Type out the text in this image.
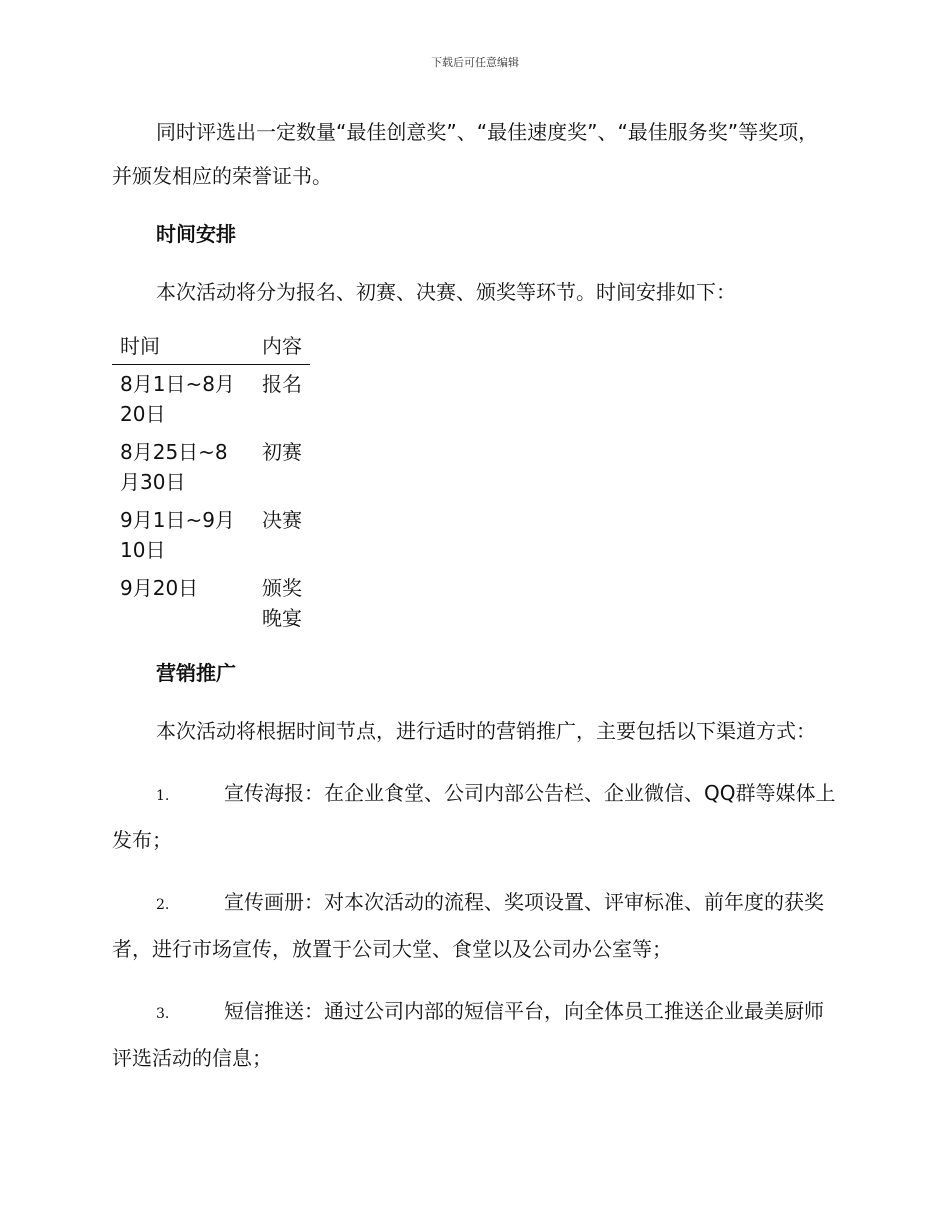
下载后可任意编辑

同时评选出一定数量“最佳创意奖”、“最佳速度奖”、“最佳服务奖”等奖项，并颁发相应的荣誉证书。

时间安排

本次活动将分为报名、初赛、决赛、颁奖等环节。时间安排如下：

时间	内容
8月1日~8月20日	报名
8月25日~8月30日	初赛
9月1日~9月10日	决赛
9月20日	颁奖晚宴

营销推广

本次活动将根据时间节点，进行适时的营销推广，主要包括以下渠道方式：

1.	宣传海报：在企业食堂、公司内部公告栏、企业微信、QQ群等媒体上发布；

2.	宣传画册：对本次活动的流程、奖项设置、评审标准、前年度的获奖者，进行市场宣传，放置于公司大堂、食堂以及公司办公室等；

3.	短信推送：通过公司内部的短信平台，向全体员工推送企业最美厨师评选活动的信息；
